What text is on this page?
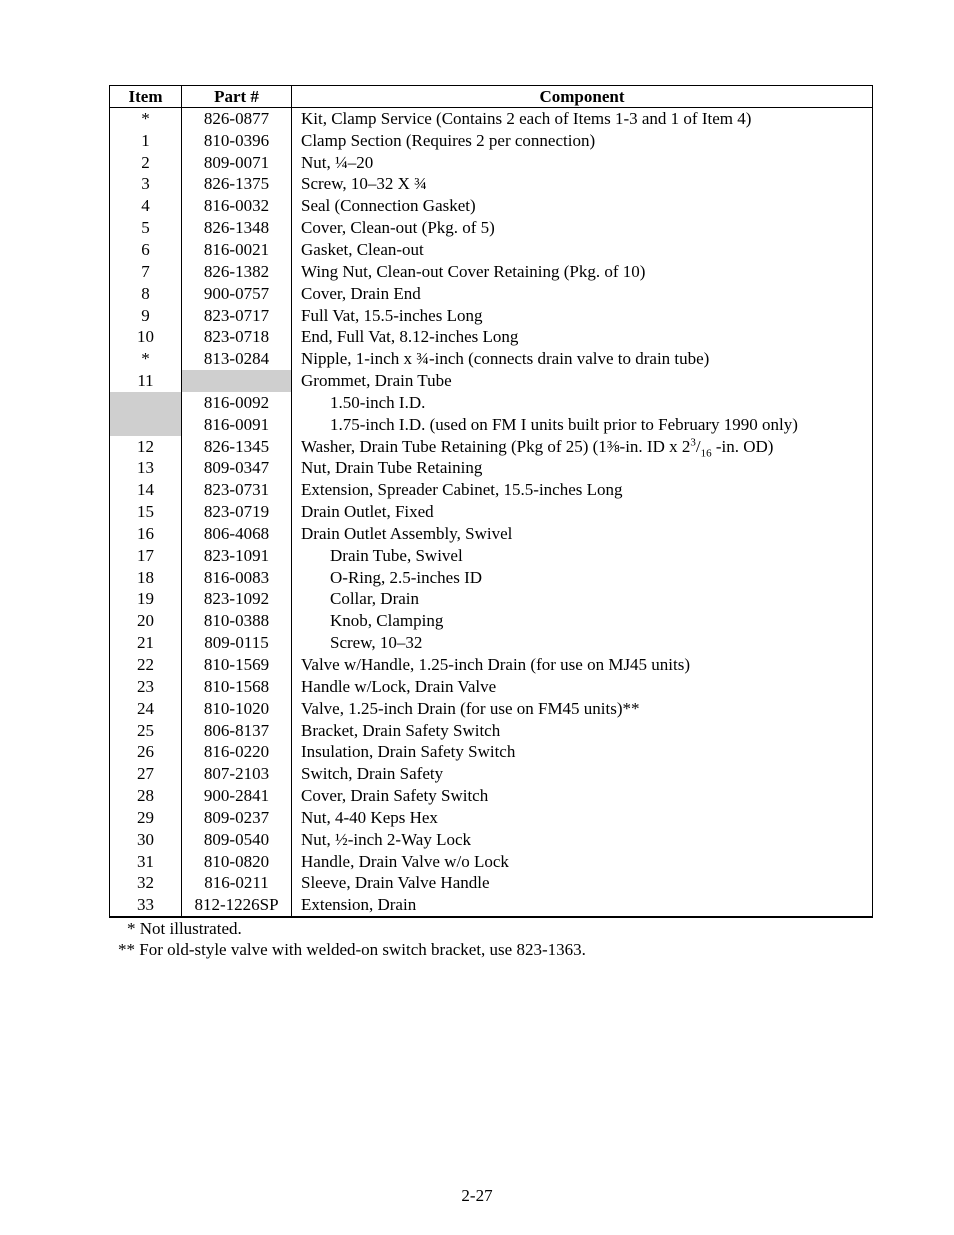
Item	Part #	Component
*	826-0877	Kit, Clamp Service (Contains 2 each of Items 1-3 and 1 of Item 4)
1	810-0396	Clamp Section (Requires 2 per connection)
2	809-0071	Nut, ¼–20
3	826-1375	Screw, 10–32 X ¾
4	816-0032	Seal (Connection Gasket)
5	826-1348	Cover, Clean-out (Pkg. of 5)
6	816-0021	Gasket, Clean-out
7	826-1382	Wing Nut, Clean-out Cover Retaining (Pkg. of 10)
8	900-0757	Cover, Drain End
9	823-0717	Full Vat, 15.5-inches Long
10	823-0718	End, Full Vat, 8.12-inches Long
*	813-0284	Nipple, 1-inch x ¾-inch (connects drain valve to drain tube)
11		Grommet, Drain Tube
	816-0092	1.50-inch I.D.
	816-0091	1.75-inch I.D. (used on FM I units built prior to February 1990 only)
12	826-1345	Washer, Drain Tube Retaining (Pkg of 25) (1⅜-in. ID x $2^3/_{16}$ -in. OD)
13	809-0347	Nut, Drain Tube Retaining
14	823-0731	Extension, Spreader Cabinet, 15.5-inches Long
15	823-0719	Drain Outlet, Fixed
16	806-4068	Drain Outlet Assembly, Swivel
17	823-1091	Drain Tube, Swivel
18	816-0083	O-Ring, 2.5-inches ID
19	823-1092	Collar, Drain
20	810-0388	Knob, Clamping
21	809-0115	Screw, 10–32
22	810-1569	Valve w/Handle, 1.25-inch Drain (for use on MJ45 units)
23	810-1568	Handle w/Lock, Drain Valve
24	810-1020	Valve, 1.25-inch Drain (for use on FM45 units)**
25	806-8137	Bracket, Drain Safety Switch
26	816-0220	Insulation, Drain Safety Switch
27	807-2103	Switch, Drain Safety
28	900-2841	Cover, Drain Safety Switch
29	809-0237	Nut, 4-40 Keps Hex
30	809-0540	Nut, ½-inch 2-Way Lock
31	810-0820	Handle, Drain Valve w/o Lock
32	816-0211	Sleeve, Drain Valve Handle
33	812-1226SP	Extension, Drain
* Not illustrated.
** For old-style valve with welded-on switch bracket, use 823-1363.
2-27
